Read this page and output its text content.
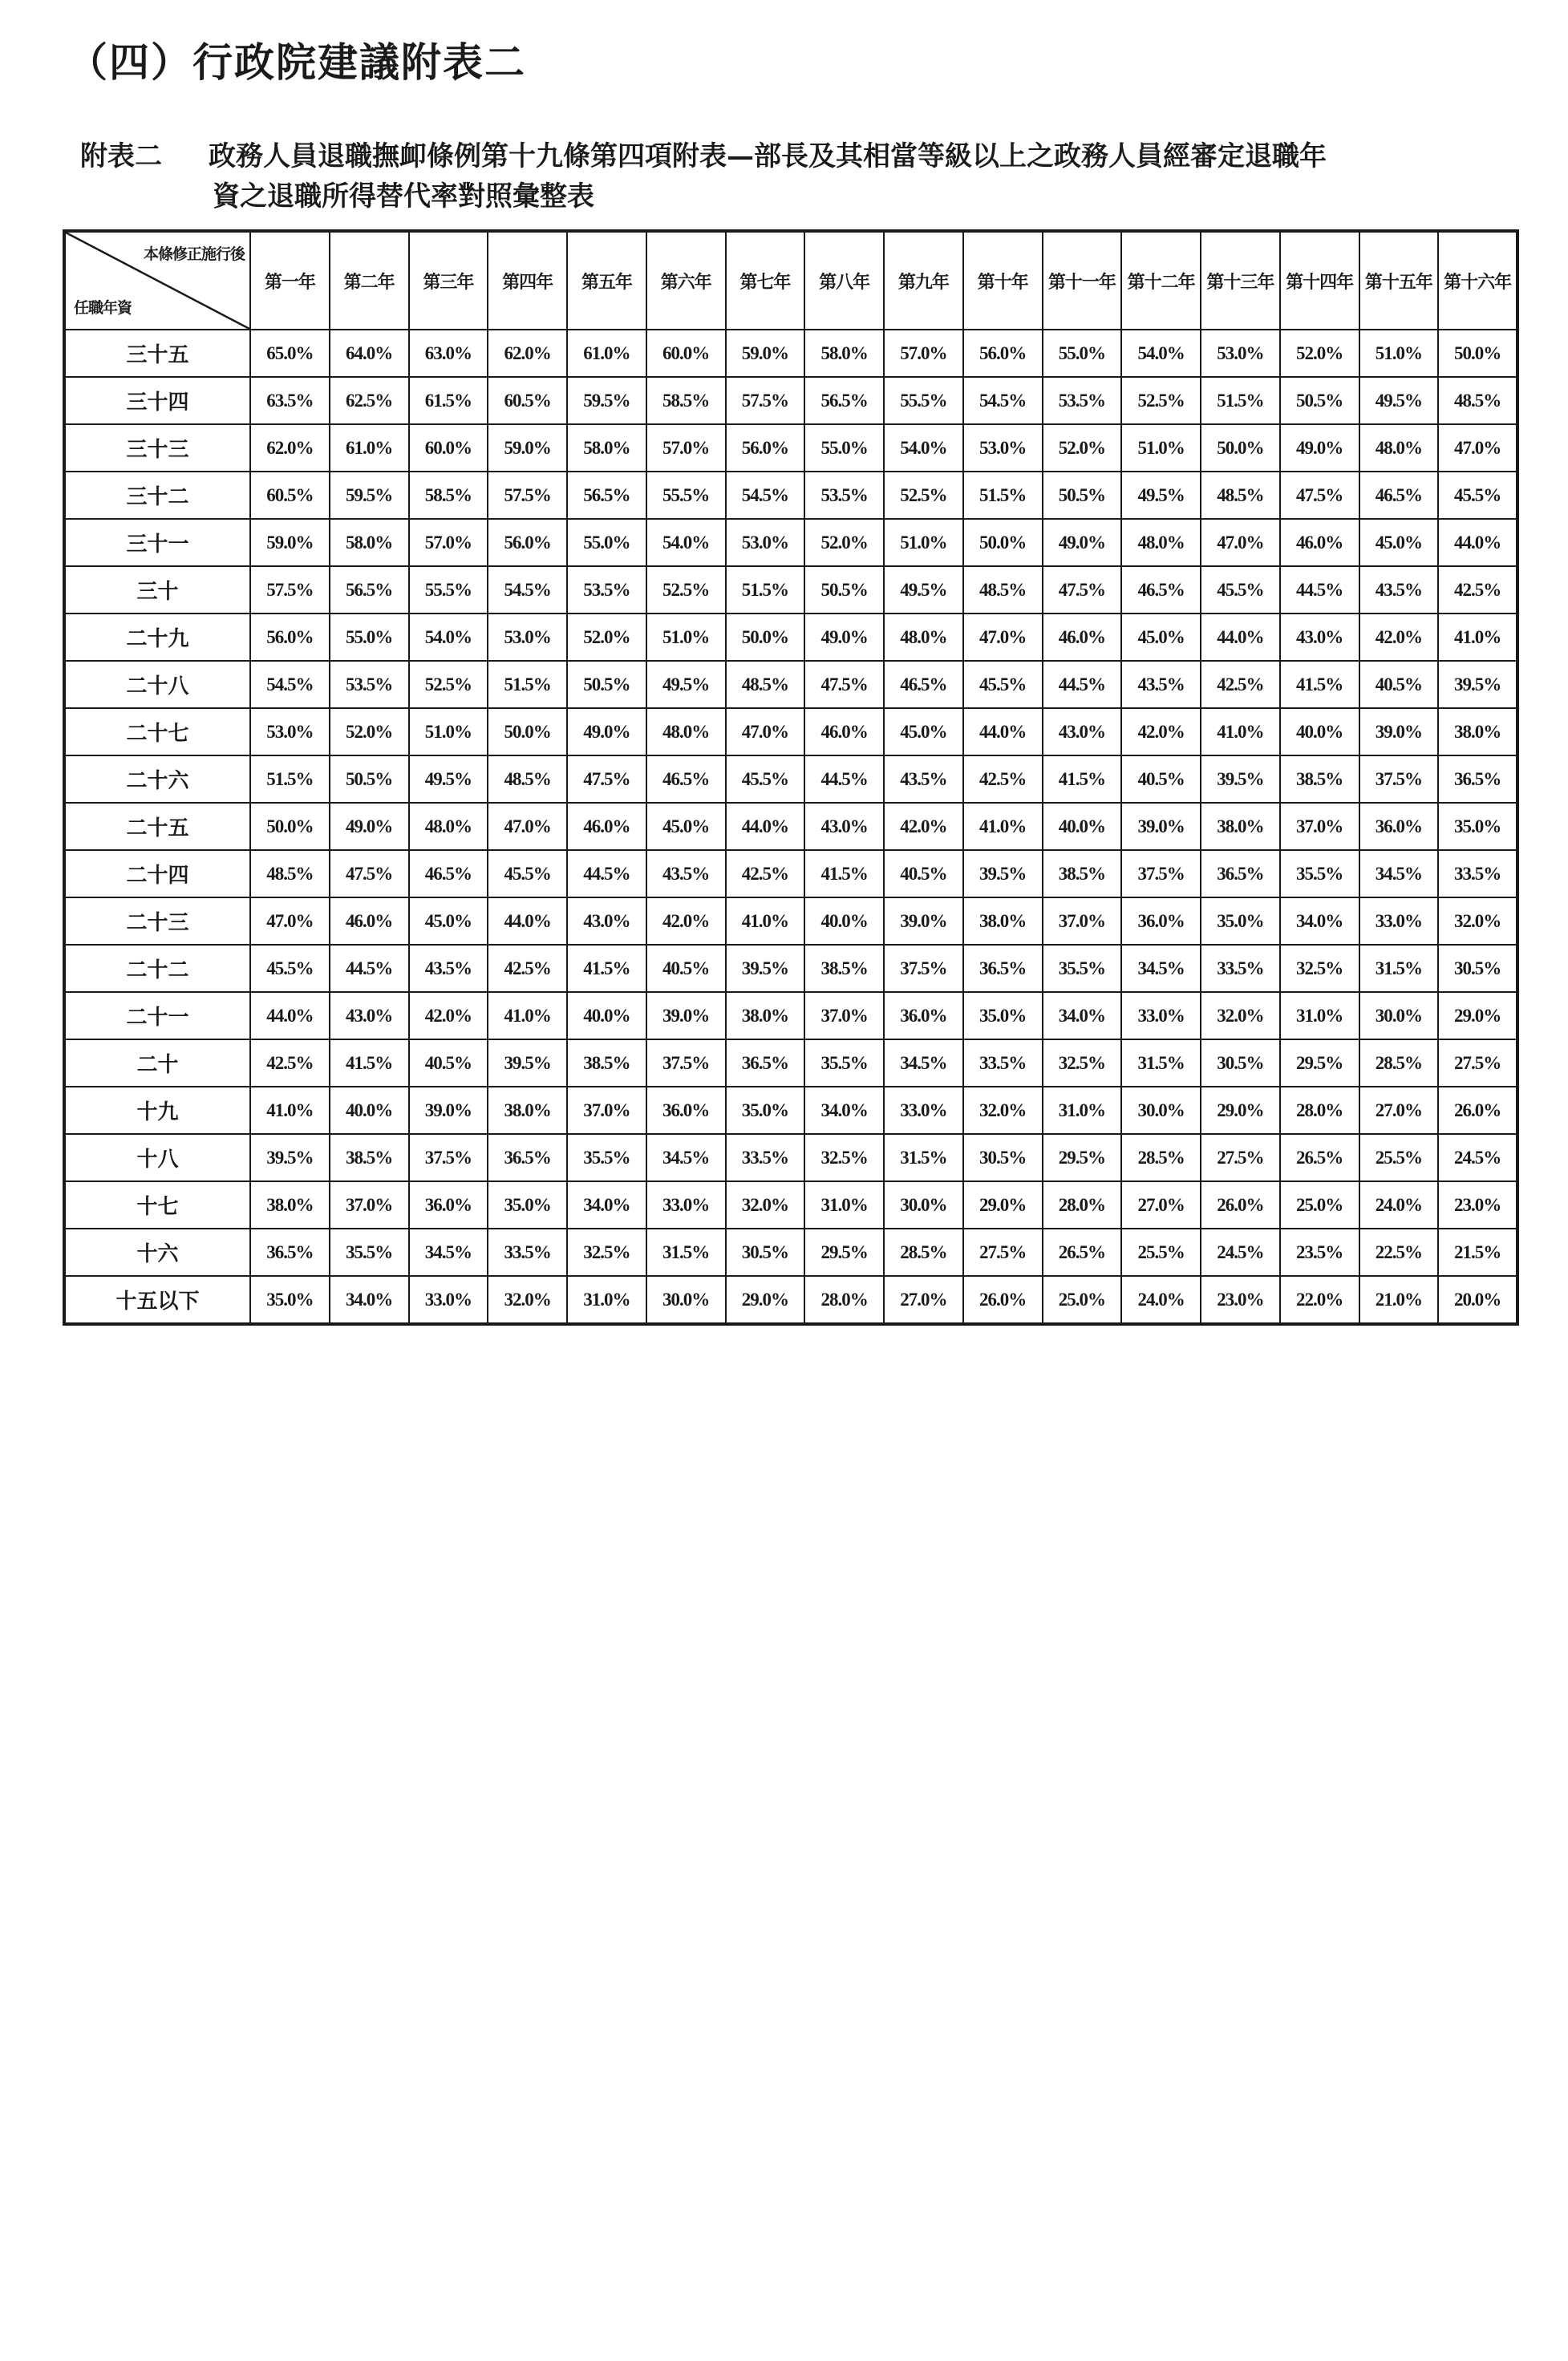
（四）行政院建議附表二

附表二 政務人員退職撫卹條例第十九條第四項附表—部長及其相當等級以上之政務人員經審定退職年
資之退職所得替代率對照彙整表

本條修正施行後
任職年資	第一年	第二年	第三年	第四年	第五年	第六年	第七年	第八年	第九年	第十年	第十一年	第十二年	第十三年	第十四年	第十五年	第十六年
三十五	65.0%	64.0%	63.0%	62.0%	61.0%	60.0%	59.0%	58.0%	57.0%	56.0%	55.0%	54.0%	53.0%	52.0%	51.0%	50.0%
三十四	63.5%	62.5%	61.5%	60.5%	59.5%	58.5%	57.5%	56.5%	55.5%	54.5%	53.5%	52.5%	51.5%	50.5%	49.5%	48.5%
三十三	62.0%	61.0%	60.0%	59.0%	58.0%	57.0%	56.0%	55.0%	54.0%	53.0%	52.0%	51.0%	50.0%	49.0%	48.0%	47.0%
三十二	60.5%	59.5%	58.5%	57.5%	56.5%	55.5%	54.5%	53.5%	52.5%	51.5%	50.5%	49.5%	48.5%	47.5%	46.5%	45.5%
三十一	59.0%	58.0%	57.0%	56.0%	55.0%	54.0%	53.0%	52.0%	51.0%	50.0%	49.0%	48.0%	47.0%	46.0%	45.0%	44.0%
三十	57.5%	56.5%	55.5%	54.5%	53.5%	52.5%	51.5%	50.5%	49.5%	48.5%	47.5%	46.5%	45.5%	44.5%	43.5%	42.5%
二十九	56.0%	55.0%	54.0%	53.0%	52.0%	51.0%	50.0%	49.0%	48.0%	47.0%	46.0%	45.0%	44.0%	43.0%	42.0%	41.0%
二十八	54.5%	53.5%	52.5%	51.5%	50.5%	49.5%	48.5%	47.5%	46.5%	45.5%	44.5%	43.5%	42.5%	41.5%	40.5%	39.5%
二十七	53.0%	52.0%	51.0%	50.0%	49.0%	48.0%	47.0%	46.0%	45.0%	44.0%	43.0%	42.0%	41.0%	40.0%	39.0%	38.0%
二十六	51.5%	50.5%	49.5%	48.5%	47.5%	46.5%	45.5%	44.5%	43.5%	42.5%	41.5%	40.5%	39.5%	38.5%	37.5%	36.5%
二十五	50.0%	49.0%	48.0%	47.0%	46.0%	45.0%	44.0%	43.0%	42.0%	41.0%	40.0%	39.0%	38.0%	37.0%	36.0%	35.0%
二十四	48.5%	47.5%	46.5%	45.5%	44.5%	43.5%	42.5%	41.5%	40.5%	39.5%	38.5%	37.5%	36.5%	35.5%	34.5%	33.5%
二十三	47.0%	46.0%	45.0%	44.0%	43.0%	42.0%	41.0%	40.0%	39.0%	38.0%	37.0%	36.0%	35.0%	34.0%	33.0%	32.0%
二十二	45.5%	44.5%	43.5%	42.5%	41.5%	40.5%	39.5%	38.5%	37.5%	36.5%	35.5%	34.5%	33.5%	32.5%	31.5%	30.5%
二十一	44.0%	43.0%	42.0%	41.0%	40.0%	39.0%	38.0%	37.0%	36.0%	35.0%	34.0%	33.0%	32.0%	31.0%	30.0%	29.0%
二十	42.5%	41.5%	40.5%	39.5%	38.5%	37.5%	36.5%	35.5%	34.5%	33.5%	32.5%	31.5%	30.5%	29.5%	28.5%	27.5%
十九	41.0%	40.0%	39.0%	38.0%	37.0%	36.0%	35.0%	34.0%	33.0%	32.0%	31.0%	30.0%	29.0%	28.0%	27.0%	26.0%
十八	39.5%	38.5%	37.5%	36.5%	35.5%	34.5%	33.5%	32.5%	31.5%	30.5%	29.5%	28.5%	27.5%	26.5%	25.5%	24.5%
十七	38.0%	37.0%	36.0%	35.0%	34.0%	33.0%	32.0%	31.0%	30.0%	29.0%	28.0%	27.0%	26.0%	25.0%	24.0%	23.0%
十六	36.5%	35.5%	34.5%	33.5%	32.5%	31.5%	30.5%	29.5%	28.5%	27.5%	26.5%	25.5%	24.5%	23.5%	22.5%	21.5%
十五以下	35.0%	34.0%	33.0%	32.0%	31.0%	30.0%	29.0%	28.0%	27.0%	26.0%	25.0%	24.0%	23.0%	22.0%	21.0%	20.0%
